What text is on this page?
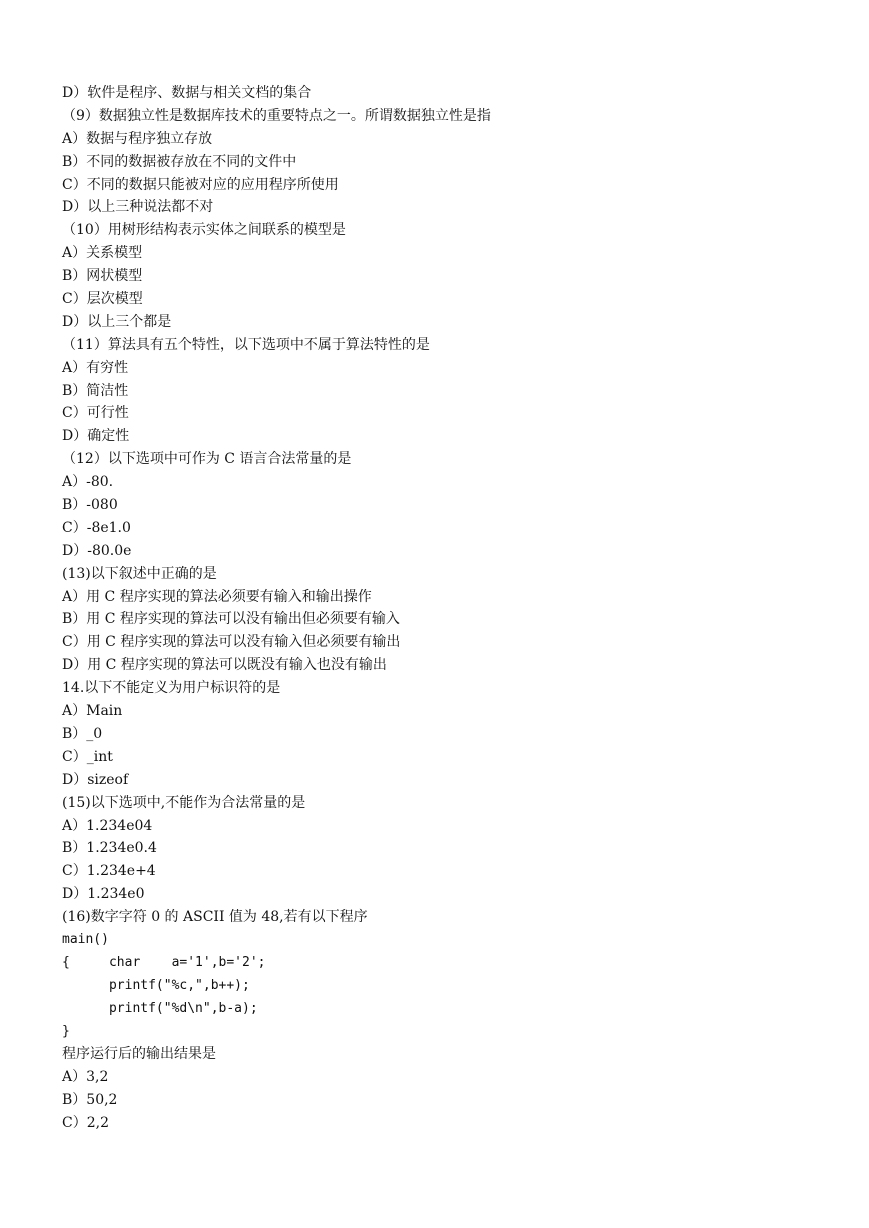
D）软件是程序、数据与相关文档的集合
（9）数据独立性是数据库技术的重要特点之一。所谓数据独立性是指
A）数据与程序独立存放
B）不同的数据被存放在不同的文件中
C）不同的数据只能被对应的应用程序所使用
D）以上三种说法都不对
（10）用树形结构表示实体之间联系的模型是
A）关系模型
B）网状模型
C）层次模型
D）以上三个都是
（11）算法具有五个特性，以下选项中不属于算法特性的是
A）有穷性
B）简洁性
C）可行性
D）确定性
（12）以下选项中可作为 C 语言合法常量的是
A）-80.
B）-080
C）-8e1.0
D）-80.0e
(13)以下叙述中正确的是
A）用 C 程序实现的算法必须要有输入和输出操作
B）用 C 程序实现的算法可以没有输出但必须要有输入
C）用 C 程序实现的算法可以没有输入但必须要有输出
D）用 C 程序实现的算法可以既没有输入也没有输出
14.以下不能定义为用户标识符的是
A）Main
B）_0
C）_int
D）sizeof
(15)以下选项中,不能作为合法常量的是
A）1.234e04
B）1.234e0.4
C）1.234e+4
D）1.234e0
(16)数字字符 0 的 ASCII 值为 48,若有以下程序
main()
{     char    a='1',b='2';
printf("%c,",b++);
printf("%d\n",b-a);
}
程序运行后的输出结果是
A）3,2
B）50,2
C）2,2
